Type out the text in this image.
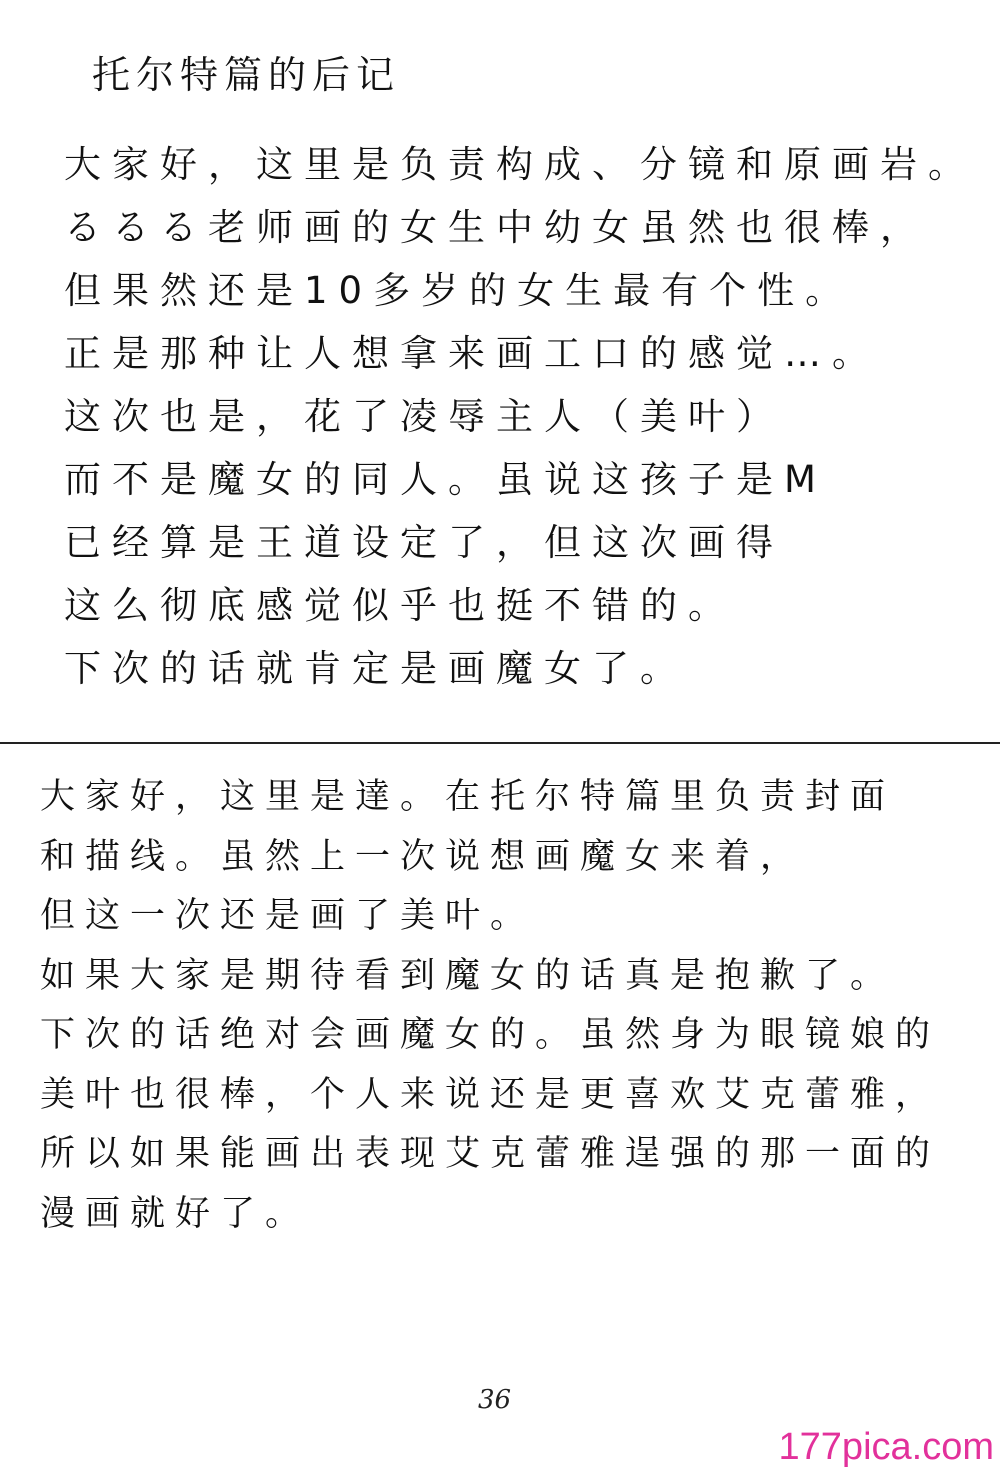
托尔特篇的后记
大家好，这里是负责构成、分镜和原画岩。
るるる老师画的女生中幼女虽然也很棒，
但果然还是10多岁的女生最有个性。
正是那种让人想拿来画工口的感觉…。
这次也是，花了凌辱主人（美叶）
而不是魔女的同人。虽说这孩子是M
已经算是王道设定了，但这次画得
这么彻底感觉似乎也挺不错的。
下次的话就肯定是画魔女了。
大家好，这里是達。在托尔特篇里负责封面
和描线。虽然上一次说想画魔女来着，
但这一次还是画了美叶。
如果大家是期待看到魔女的话真是抱歉了。
下次的话绝对会画魔女的。虽然身为眼镜娘的
美叶也很棒，个人来说还是更喜欢艾克蕾雅，
所以如果能画出表现艾克蕾雅逞强的那一面的
漫画就好了。
36
177pica.com
